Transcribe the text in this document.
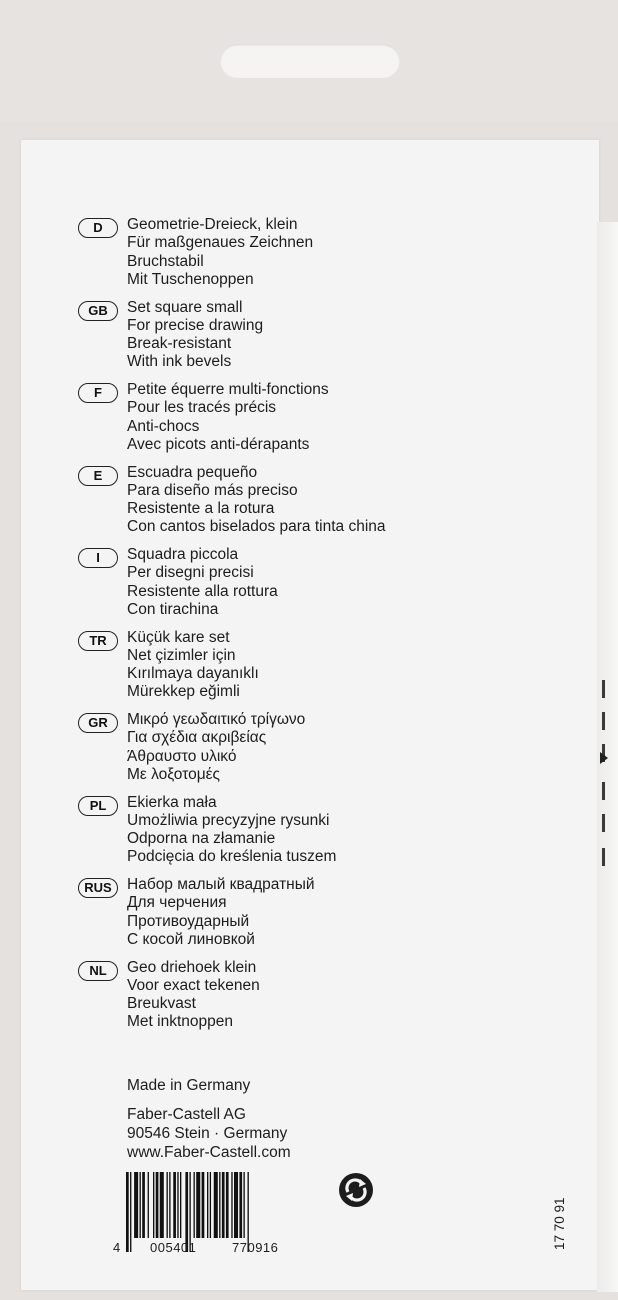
D	Geometrie-Dreieck, klein
Für maßgenaues Zeichnen
Bruchstabil
Mit Tuschenoppen
GB	Set square small
For precise drawing
Break-resistant
With ink bevels
F	Petite équerre multi-fonctions
Pour les tracés précis
Anti-chocs
Avec picots anti-dérapants
E	Escuadra pequeño
Para diseño más preciso
Resistente a la rotura
Con cantos biselados para tinta china
I	Squadra piccola
Per disegni precisi
Resistente alla rottura
Con tirachina
TR	Küçük kare set
Net çizimler için
Kırılmaya dayanıklı
Mürekkep eğimli
GR	Μικρό γεωδαιτικό τρίγωνο
Για σχέδια ακριβείας
Άθραυστο υλικό
Με λοξοτομές
PL	Ekierka mała
Umożliwia precyzyjne rysunki
Odporna na złamanie
Podcięcia do kreślenia tuszem
RUS Набор малый квадратный
Для черчения
Противоударный
С косой линовкой
NL	Geo driehoek klein
Voor exact tekenen
Breukvast
Met inktnoppen
Made in Germany
Faber-Castell AG
90546 Stein · Germany
www.Faber-Castell.com
4 005401	770916	17 70 91
